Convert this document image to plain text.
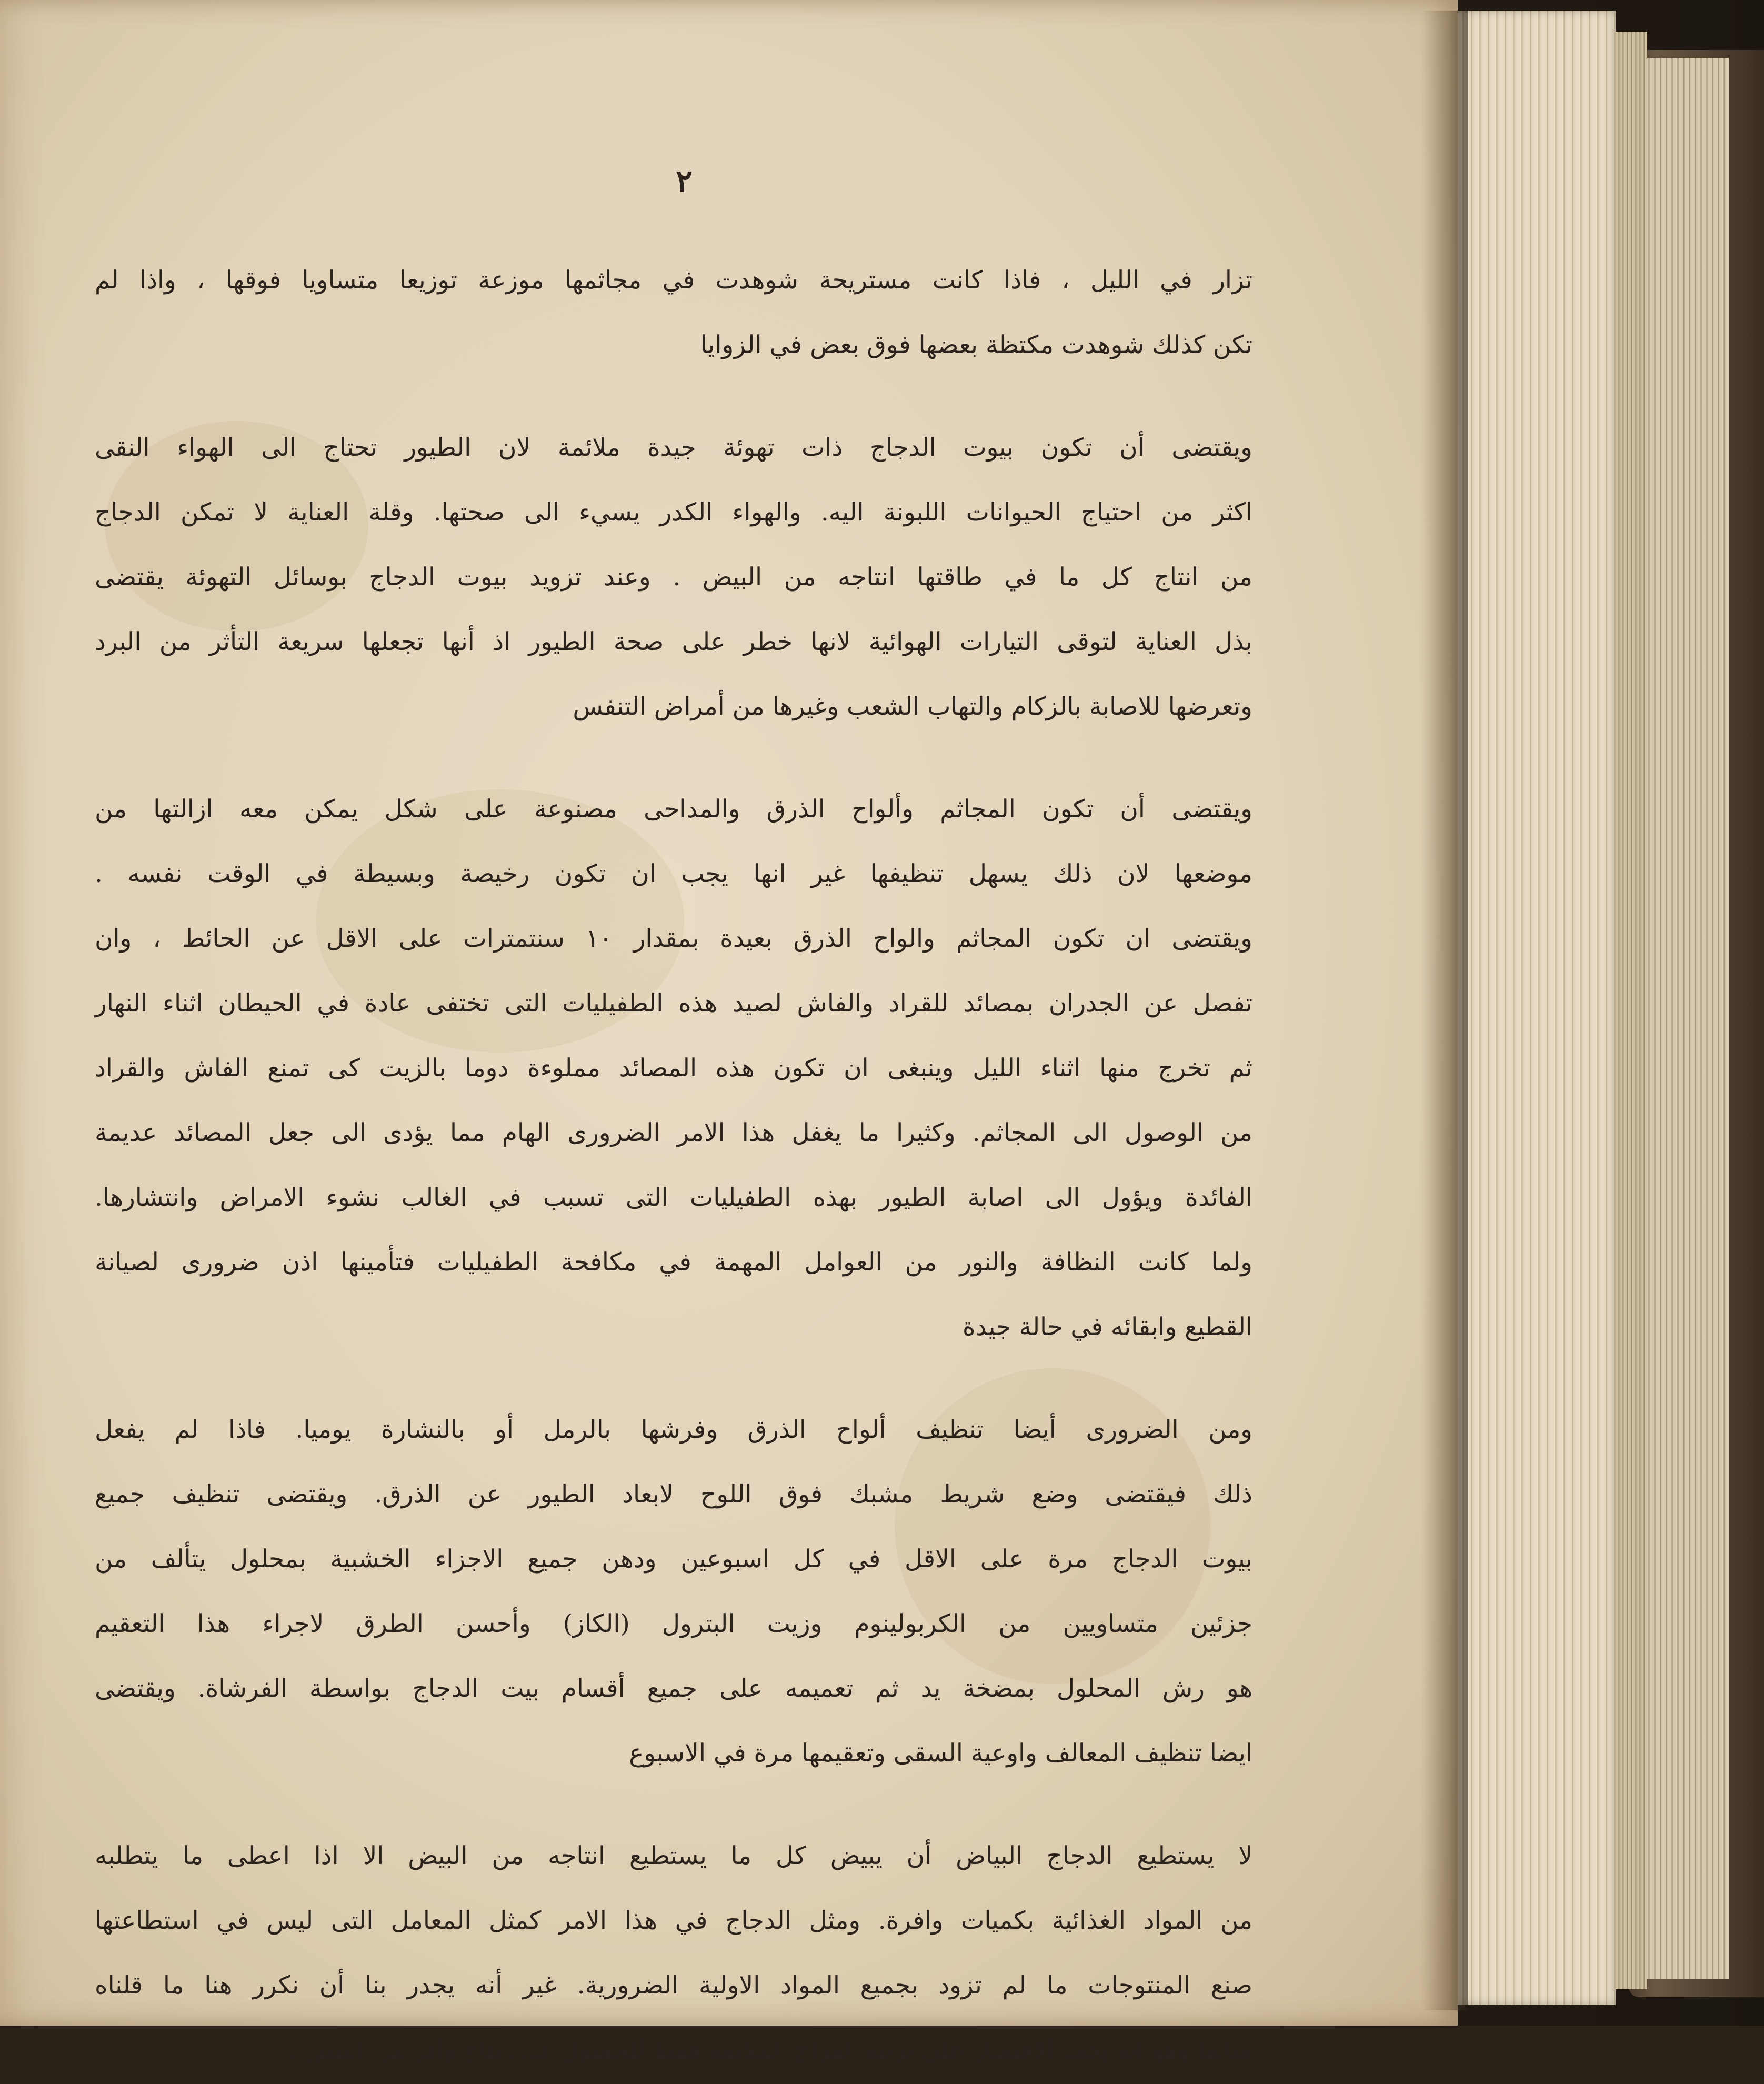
٢
تزار في الليل ، فاذا كانت مستريحة شوهدت في مجاثمها موزعة توزيعا متساويا فوقها ، واذا لم
تكن كذلك شوهدت مكتظة بعضها فوق بعض في الزوايا
ويقتضى أن تكون بيوت الدجاج ذات تهوئة جيدة ملائمة لان الطيور تحتاج الى الهواء النقى
اكثر من احتياج الحيوانات اللبونة اليه. والهواء الكدر يسيء الى صحتها. وقلة العناية لا تمكن الدجاج
من انتاج كل ما في طاقتها انتاجه من البيض . وعند تزويد بيوت الدجاج بوسائل التهوئة يقتضى
بذل العناية لتوقى التيارات الهوائية لانها خطر على صحة الطيور اذ أنها تجعلها سريعة التأثر من البرد
وتعرضها للاصابة بالزكام والتهاب الشعب وغيرها من أمراض التنفس
ويقتضى أن تكون المجاثم وألواح الذرق والمداحى مصنوعة على شكل يمكن معه ازالتها من
موضعها لان ذلك يسهل تنظيفها غير انها يجب ان تكون رخيصة وبسيطة في الوقت نفسه .
ويقتضى ان تكون المجاثم والواح الذرق بعيدة بمقدار ١٠ سنتمترات على الاقل عن الحائط ، وان
تفصل عن الجدران بمصائد للقراد والفاش لصيد هذه الطفيليات التى تختفى عادة في الحيطان اثناء النهار
ثم تخرج منها اثناء الليل وينبغى ان تكون هذه المصائد مملوءة دوما بالزيت كى تمنع الفاش والقراد
من الوصول الى المجاثم. وكثيرا ما يغفل هذا الامر الضرورى الهام مما يؤدى الى جعل المصائد عديمة
الفائدة ويؤول الى اصابة الطيور بهذه الطفيليات التى تسبب في الغالب نشوء الامراض وانتشارها.
ولما كانت النظافة والنور من العوامل المهمة في مكافحة الطفيليات فتأمينها اذن ضرورى لصيانة
القطيع وابقائه في حالة جيدة
ومن الضرورى أيضا تنظيف ألواح الذرق وفرشها بالرمل أو بالنشارة يوميا. فاذا لم يفعل
ذلك فيقتضى وضع شريط مشبك فوق اللوح لابعاد الطيور عن الذرق. ويقتضى تنظيف جميع
بيوت الدجاج مرة على الاقل في كل اسبوعين ودهن جميع الاجزاء الخشبية بمحلول يتألف من
جزئين متساويين من الكربولينوم وزيت البترول (الكاز) وأحسن الطرق لاجراء هذا التعقيم
هو رش المحلول بمضخة يد ثم تعميمه على جميع أقسام بيت الدجاج بواسطة الفرشاة. ويقتضى
ايضا تنظيف المعالف واوعية السقى وتعقيمها مرة في الاسبوع
لا يستطيع الدجاج البياض أن يبيض كل ما يستطيع انتاجه من البيض الا اذا اعطى ما يتطلبه
من المواد الغذائية بكميات وافرة. ومثل الدجاج في هذا الامر كمثل المعامل التى ليس في استطاعتها
صنع المنتوجات ما لم تزود بجميع المواد الاولية الضرورية. غير أنه يجدر بنا أن نكرر هنا ما قلناه
سابقا وهو انه يجب الاقتصار على تربية الفراخ الملائمة فقط للحصول على نتاج وافر من البيض ،
